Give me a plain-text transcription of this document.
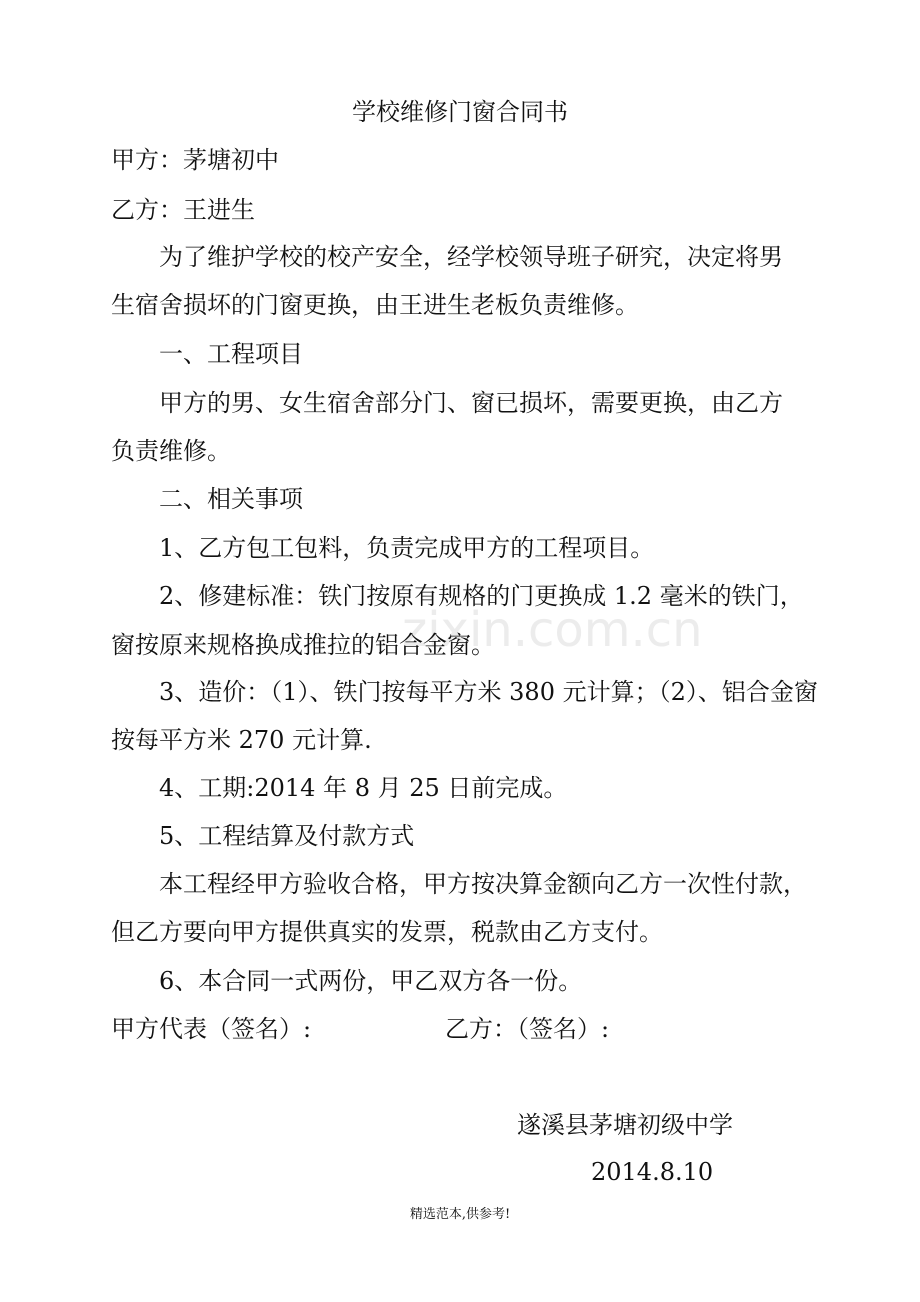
zixin.com.cn
学校维修门窗合同书
甲方：茅塘初中
乙方：王进生
为了维护学校的校产安全，经学校领导班子研究，决定将男
生宿舍损坏的门窗更换，由王进生老板负责维修。
一、工程项目
甲方的男、女生宿舍部分门、窗已损坏，需要更换，由乙方
负责维修。
二、相关事项
1、乙方包工包料，负责完成甲方的工程项目。
2、修建标准：铁门按原有规格的门更换成 1.2 毫米的铁门，
窗按原来规格换成推拉的铝合金窗。
3、造价：（1）、铁门按每平方米 380 元计算；（2）、铝合金窗
按每平方米 270 元计算.
4、工期:2014 年 8 月 25 日前完成。
5、工程结算及付款方式
本工程经甲方验收合格，甲方按决算金额向乙方一次性付款，
但乙方要向甲方提供真实的发票，税款由乙方支付。
6、本合同一式两份，甲乙双方各一份。
甲方代表（签名）:	乙方：（签名）:
遂溪县茅塘初级中学
2014.8.10
精选范本,供参考!
